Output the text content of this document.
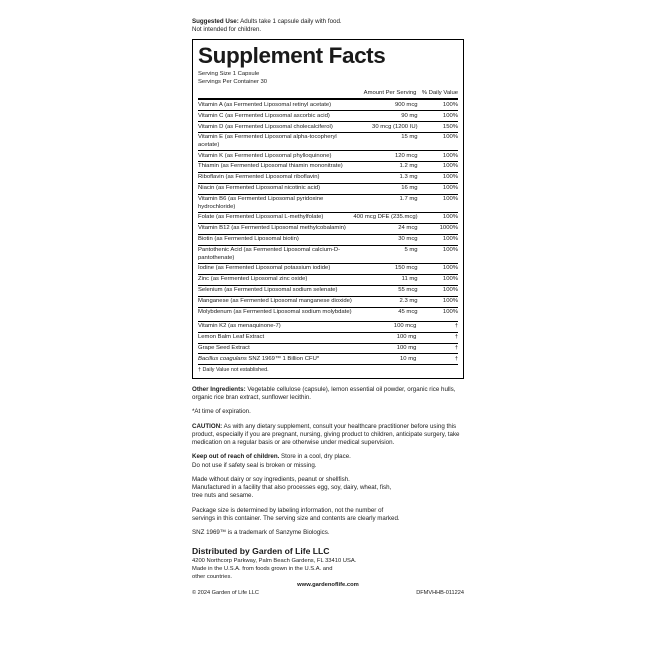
Suggested Use: Adults take 1 capsule daily with food.
Not intended for children.
Supplement Facts
Serving Size 1 Capsule
Servings Per Container 30
	Amount Per Serving	% Daily Value
Vitamin A (as Fermented Liposomal retinyl acetate)	900 mcg	100%
Vitamin C (as Fermented Liposomal ascorbic acid)	90 mg	100%
Vitamin D (as Fermented Liposomal cholecalciferol)	30 mcg (1200 IU)	150%
Vitamin E (as Fermented Liposomal alpha-tocopheryl acetate)	15 mg	100%
Vitamin K (as Fermented Liposomal phylloquinone)	120 mcg	100%
Thiamin (as Fermented Liposomal thiamin mononitrate)	1.2 mg	100%
Riboflavin (as Fermented Liposomal riboflavin)	1.3 mg	100%
Niacin (as Fermented Liposomal nicotinic acid)	16 mg	100%
Vitamin B6 (as Fermented Liposomal pyridoxine hydrochloride)	1.7 mg	100%
Folate (as Fermented Liposomal L-methylfolate)	400 mcg DFE (235.mcg)	100%
Vitamin B12 (as Fermented Liposomal methylcobalamin)	24 mcg	1000%
Biotin (as Fermented Liposomal biotin)	30 mcg	100%
Pantothenic Acid (as Fermented Liposomal calcium-D-pantothenate)	5 mg	100%
Iodine (as Fermented Liposomal potassium iodide)	150 mcg	100%
Zinc (as Fermented Liposomal zinc oxide)	11 mg	100%
Selenium (as Fermented Liposomal sodium selenate)	55 mcg	100%
Manganese (as Fermented Liposomal manganese dioxide)	2.3 mg	100%
Molybdenum (as Fermented Liposomal sodium molybdate)	45 mcg	100%
Vitamin K2 (as menaquinone-7)	100 mcg	†
Lemon Balm Leaf Extract	100 mg	†
Grape Seed Extract	100 mg	†
Bacillus coagulans SNZ 1969™ 1 Billion CFU*	10 mg	†
† Daily Value not established.
Other Ingredients: Vegetable cellulose (capsule), lemon essential oil powder, organic rice hulls, organic rice bran extract, sunflower lecithin.
*At time of expiration.
CAUTION: As with any dietary supplement, consult your healthcare practitioner before using this product, especially if you are pregnant, nursing, giving product to children, anticipate surgery, take medication on a regular basis or are otherwise under medical supervision.
Keep out of reach of children. Store in a cool, dry place.
Do not use if safety seal is broken or missing.
Made without dairy or soy ingredients, peanut or shellfish.
Manufactured in a facility that also processes egg, soy, dairy, wheat, fish,
tree nuts and sesame.
Package size is determined by labeling information, not the number of
servings in this container. The serving size and contents are clearly marked.
SNZ 1969™ is a trademark of Sanzyme Biologics.
Distributed by Garden of Life LLC
4200 Northcorp Parkway, Palm Beach Gardens, FL 33410 USA.
Made in the U.S.A. from foods grown in the U.S.A. and
other countries.
www.gardenoflife.com
© 2024 Garden of Life LLC	DFMVHHB-011224
